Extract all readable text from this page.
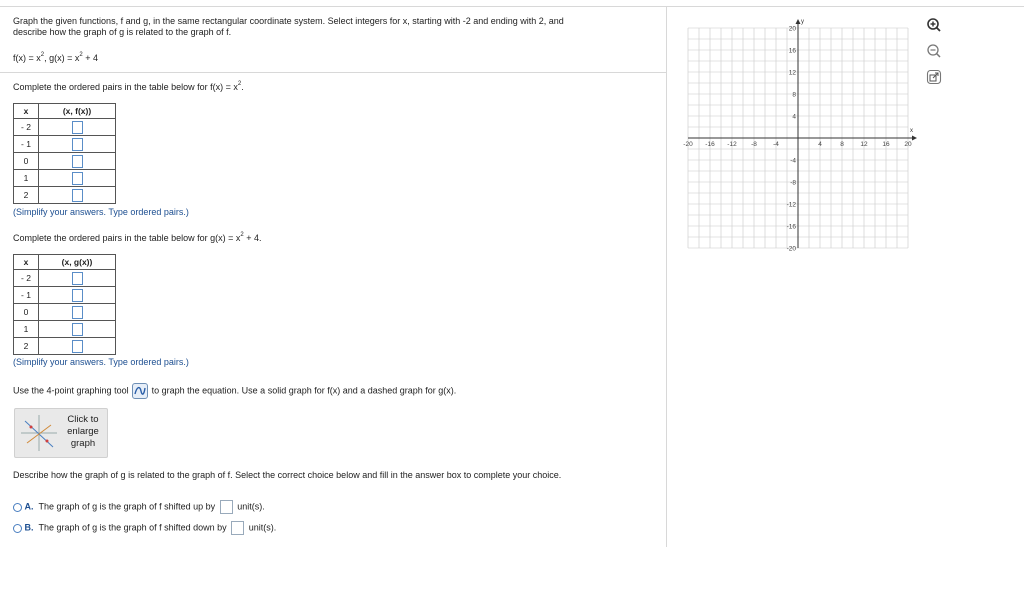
Graph the given functions, f and g, in the same rectangular coordinate system. Select integers for x, starting with -2 and ending with 2, and
describe how the graph of g is related to the graph of f.
$f(x) = x^2$, $g(x) = x^2 + 4$
Complete the ordered pairs in the table below for $f(x) = x^2$.
x	(x, f(x))
- 2	
- 1	
0	
1	
2	
(Simplify your answers. Type ordered pairs.)
Complete the ordered pairs in the table below for $g(x) = x^2 + 4$.
x	(x, g(x))
- 2	
- 1	
0	
1	
2	
(Simplify your answers. Type ordered pairs.)
Use the 4-point graphing tool	to graph the equation. Use a solid graph for f(x) and a dashed graph for g(x).
Click to
enlarge
graph
Describe how the graph of g is related to the graph of f. Select the correct choice below and fill in the answer box to complete your choice.
A. The graph of g is the graph of f shifted up by unit(s).
B. The graph of g is the graph of f shifted down by unit(s).
x
y
-20 -16 -12 -8 -4	4	8	12 16 20
20
16
12
8
4
-4
-8
-12
-16
-20
